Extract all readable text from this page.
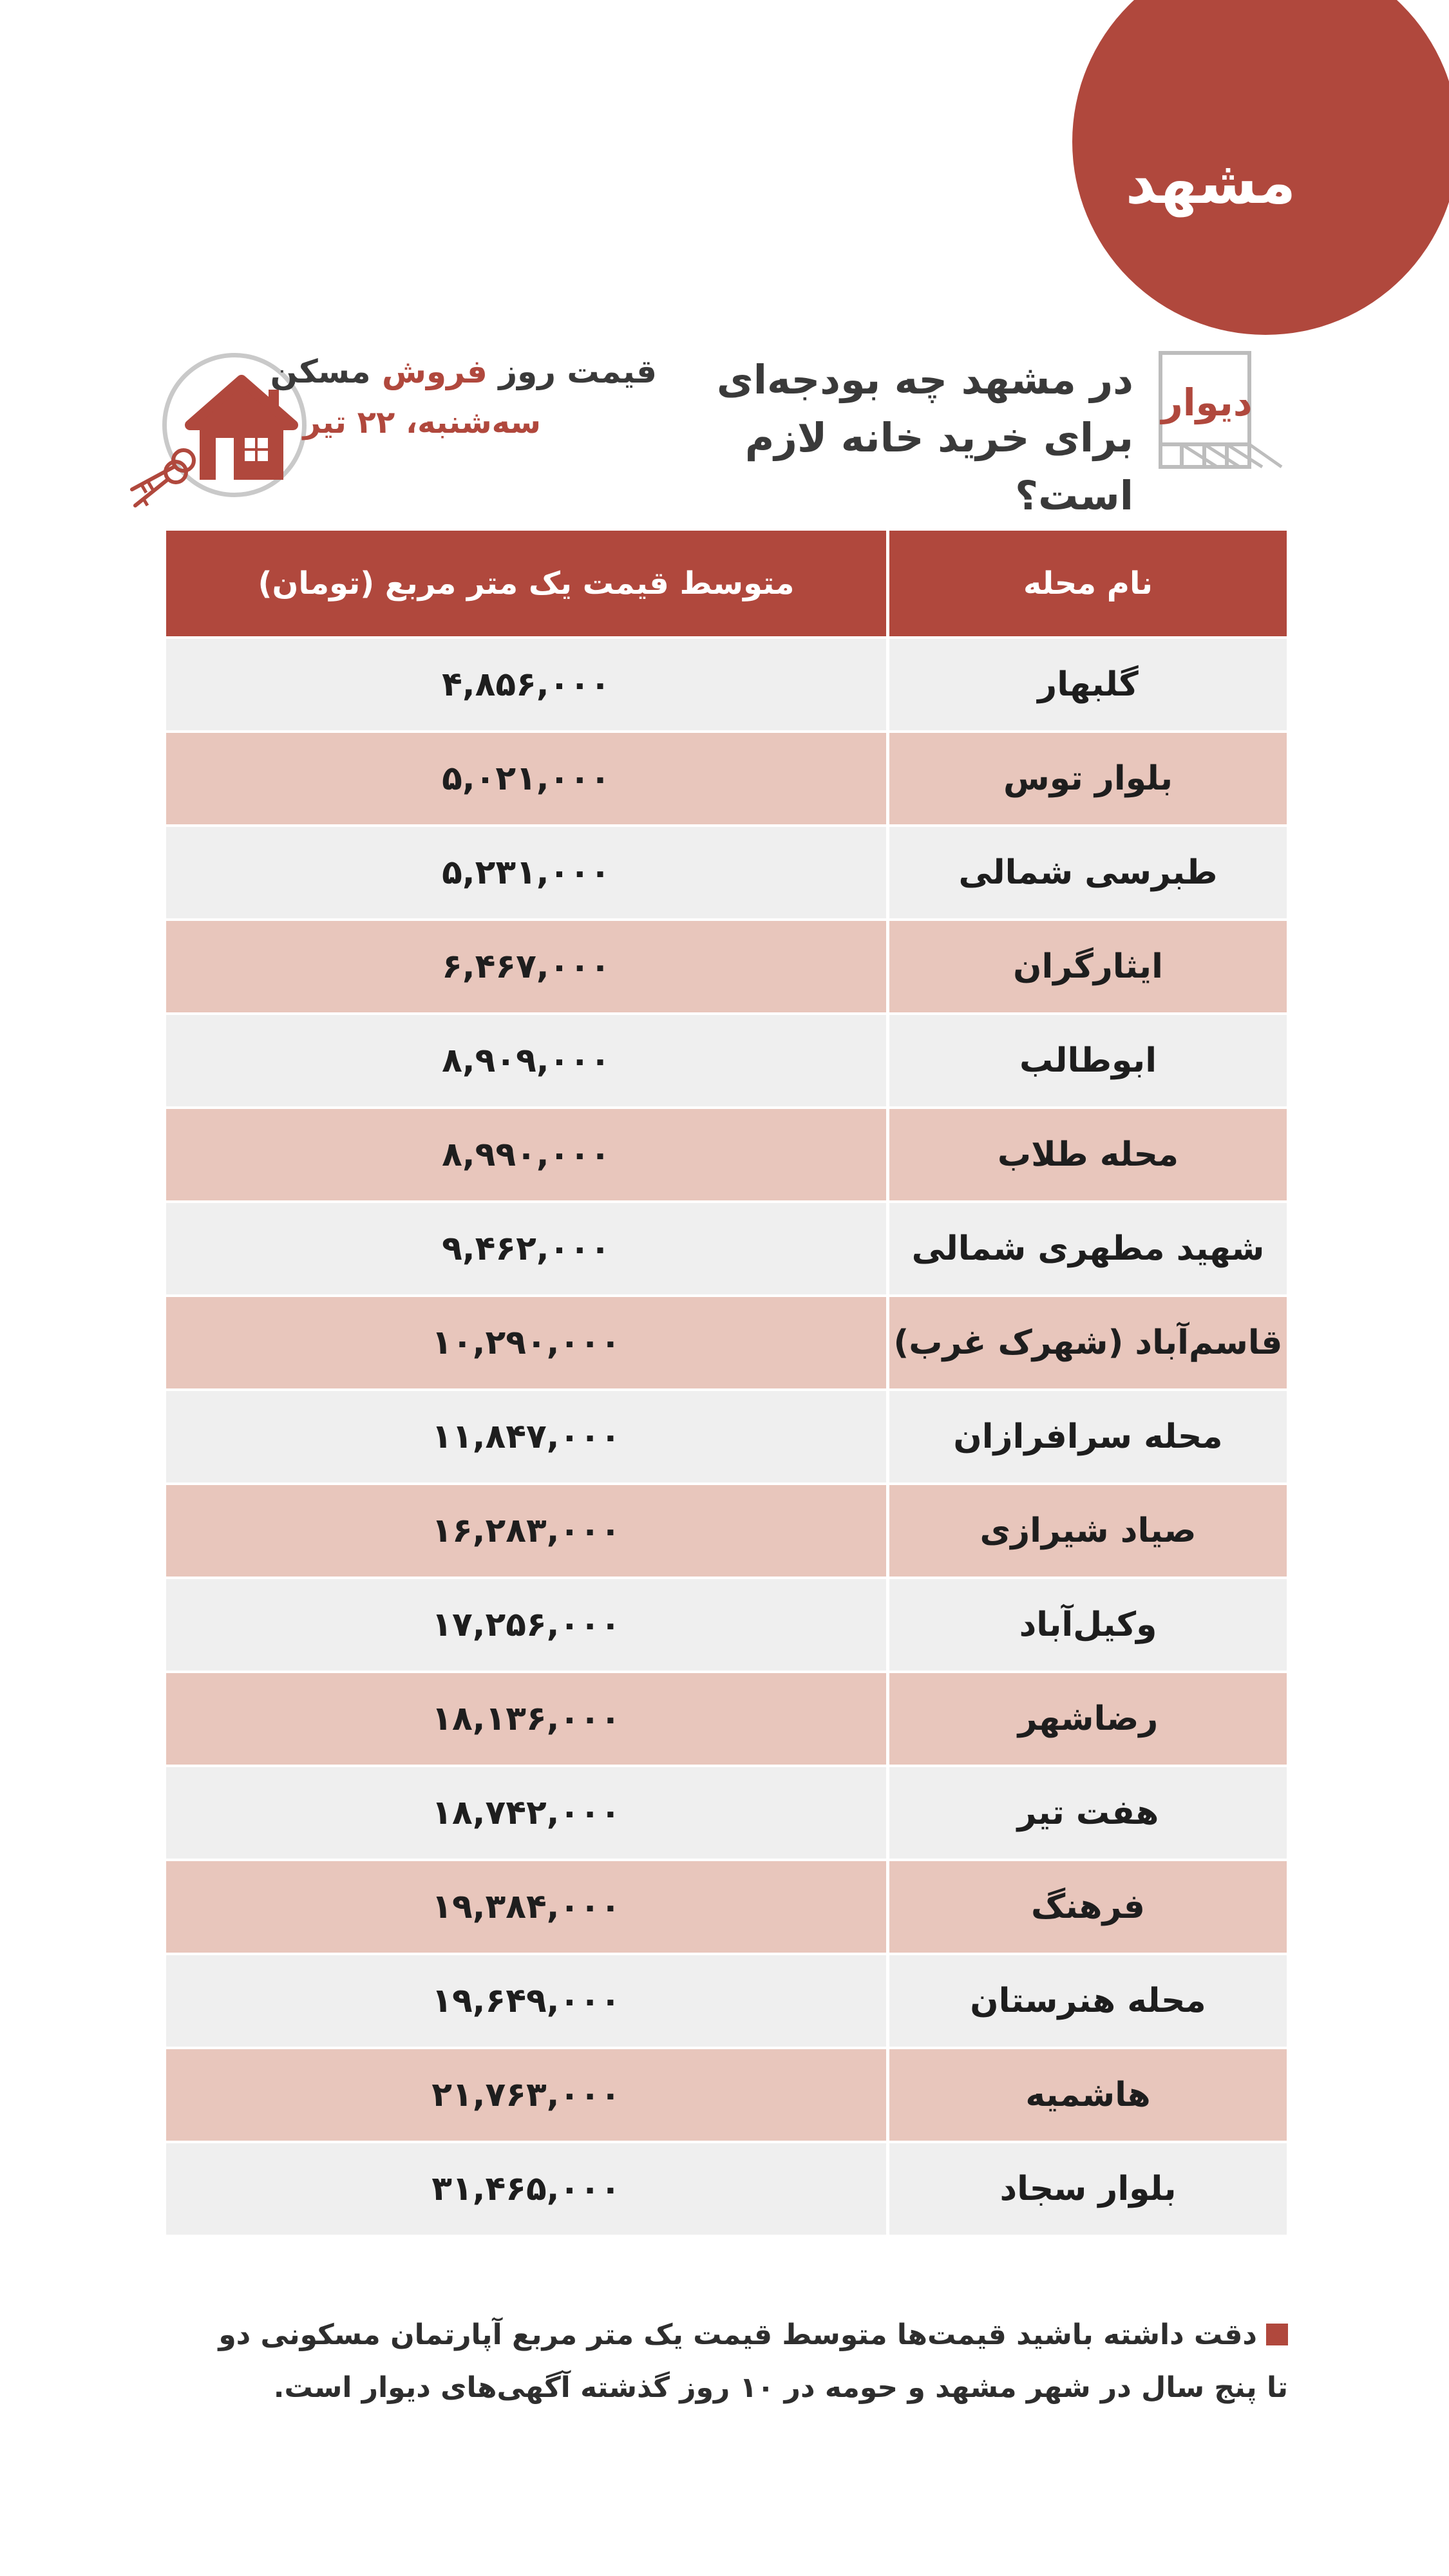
مشهد
قیمت روز فروش مسکن
سه‌شنبه، ۲۲ تیر
در مشهد چه بودجه‌ای برای خرید خانه لازم است؟
دیوار
نام محله
متوسط قیمت یک متر مربع (تومان)
گلبهار
۴,۸۵۶,۰۰۰
بلوار توس
۵,۰۲۱,۰۰۰
طبرسی شمالی
۵,۲۳۱,۰۰۰
ایثارگران
۶,۴۶۷,۰۰۰
ابوطالب
۸,۹۰۹,۰۰۰
محله طلاب
۸,۹۹۰,۰۰۰
شهید مطهری شمالی
۹,۴۶۲,۰۰۰
قاسم‌آباد (شهرک غرب)
۱۰,۲۹۰,۰۰۰
محله سرافرازان
۱۱,۸۴۷,۰۰۰
صیاد شیرازی
۱۶,۲۸۳,۰۰۰
وکیل‌آباد
۱۷,۲۵۶,۰۰۰
رضاشهر
۱۸,۱۳۶,۰۰۰
هفت تیر
۱۸,۷۴۲,۰۰۰
فرهنگ
۱۹,۳۸۴,۰۰۰
محله هنرستان
۱۹,۶۴۹,۰۰۰
هاشمیه
۲۱,۷۶۳,۰۰۰
بلوار سجاد
۳۱,۴۶۵,۰۰۰
دقت داشته باشید قیمت‌ها متوسط قیمت یک متر مربع آپارتمان مسکونی دو تا پنج سال در شهر مشهد و حومه در ۱۰ روز گذشته آگهی‌های دیوار است.
